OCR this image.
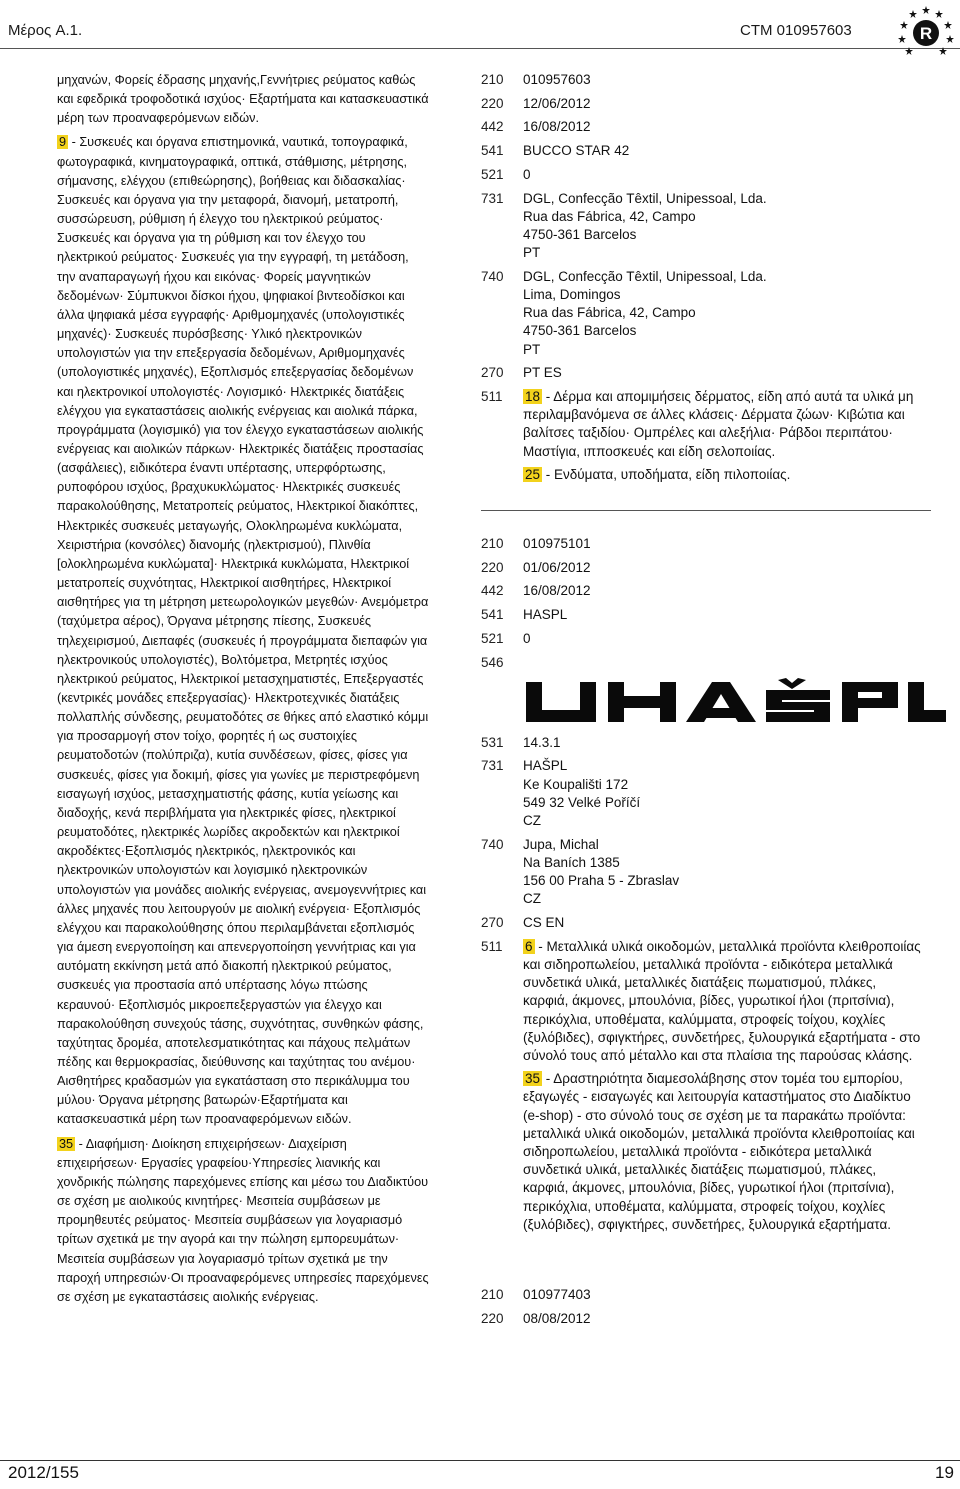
Μέρος A.1.	CTM 010957603	R

μηχανών, Φορείς έδρασης μηχανής,Γεννήτριες ρεύματος καθώς και εφεδρικά τροφοδοτικά ισχύος· Εξαρτήματα και κατασκευαστικά μέρη των προαναφερόμενων ειδών.

9 - Συσκευές και όργανα επιστημονικά, ναυτικά, τοπογραφικά, φωτογραφικά, κινηματογραφικά, οπτικά, στάθμισης, μέτρησης, σήμανσης, ελέγχου (επιθεώρησης), βοήθειας και διδασκαλίας· Συσκευές και όργανα για την μεταφορά, διανομή, μετατροπή, συσσώρευση, ρύθμιση ή έλεγχο του ηλεκτρικού ρεύματος· Συσκευές και όργανα για τη ρύθμιση και τον έλεγχο του ηλεκτρικού ρεύματος· Συσκευές για την εγγραφή, τη μετάδοση, την αναπαραγωγή ήχου και εικόνας· Φορείς μαγνητικών δεδομένων· Σύμπυκνοι δίσκοι ήχου, ψηφιακοί βιντεοδίσκοι και άλλα ψηφιακά μέσα εγγραφής· Αριθμομηχανές (υπολογιστικές μηχανές)· Συσκευές πυρόσβεσης· Υλικό ηλεκτρονικών υπολογιστών για την επεξεργασία δεδομένων, Αριθμομηχανές (υπολογιστικές μηχανές), Εξοπλισμός επεξεργασίας δεδομένων και ηλεκτρονικοί υπολογιστές· Λογισμικό· Ηλεκτρικές διατάξεις ελέγχου για εγκαταστάσεις αιολικής ενέργειας και αιολικά πάρκα, προγράμματα (λογισμικό) για τον έλεγχο εγκαταστάσεων αιολικής ενέργειας και αιολικών πάρκων· Ηλεκτρικές διατάξεις προστασίας (ασφάλειες), ειδικότερα έναντι υπέρτασης, υπερφόρτωσης, ρυποφόρου ισχύος, βραχυκυκλώματος· Ηλεκτρικές συσκευές παρακολούθησης, Μετατροπείς ρεύματος, Ηλεκτρικοί διακόπτες, Ηλεκτρικές συσκευές μεταγωγής, Ολοκληρωμένα κυκλώματα, Χειριστήρια (κονσόλες) διανομής (ηλεκτρισμού), Πλινθία [ολοκληρωμένα κυκλώματα]· Ηλεκτρικά κυκλώματα, Ηλεκτρικοί μετατροπείς συχνότητας, Ηλεκτρικοί αισθητήρες, Ηλεκτρικοί αισθητήρες για τη μέτρηση μετεωρολογικών μεγεθών· Ανεμόμετρα (ταχύμετρα αέρος), Όργανα μέτρησης πίεσης, Συσκευές τηλεχειρισμού, Διεπαφές (συσκευές ή προγράμματα διεπαφών για ηλεκτρονικούς υπολογιστές), Βολτόμετρα, Μετρητές ισχύος ηλεκτρικού ρεύματος, Ηλεκτρικοί μετασχηματιστές, Επεξεργαστές (κεντρικές μονάδες επεξεργασίας)· Ηλεκτροτεχνικές διατάξεις πολλαπλής σύνδεσης, ρευματοδότες σε θήκες από ελαστικό κόμμι για προσαρμογή στον τοίχο, φορητές ή ως συστοιχίες ρευματοδοτών (πολύπριζα), κυτία συνδέσεων, φίσες, φίσες για συσκευές, φίσες για δοκιμή, φίσες για γωνίες με περιστρεφόμενη εισαγωγή ισχύος, μετασχηματιστής φάσης, κυτία γείωσης και διαδοχής, κενά περιβλήματα για ηλεκτρικές φίσες, ηλεκτρικοί ρευματοδότες, ηλεκτρικές λωρίδες ακροδεκτών και ηλεκτρικοί ακροδέκτες·Εξοπλισμός ηλεκτρικός, ηλεκτρονικός και ηλεκτρονικών υπολογιστών και λογισμικό ηλεκτρονικών υπολογιστών για μονάδες αιολικής ενέργειας, ανεμογεννήτριες και άλλες μηχανές που λειτουργούν με αιολική ενέργεια· Εξοπλισμός ελέγχου και παρακολούθησης όπου περιλαμβάνεται εξοπλισμός για άμεση ενεργοποίηση και απενεργοποίηση γεννήτριας και για αυτόματη εκκίνηση μετά από διακοπή ηλεκτρικού ρεύματος, συσκευές για προστασία από υπέρτασης λόγω πτώσης κεραυνού· Εξοπλισμός μικροεπεξεργαστών για έλεγχο και παρακολούθηση συνεχούς τάσης, συχνότητας, συνθηκών φάσης, ταχύτητας δρομέα, αποτελεσματικότητας και πάχους πελμάτων πέδης και θερμοκρασίας, διεύθυνσης και ταχύτητας του ανέμου· Αισθητήρες κραδασμών για εγκατάσταση στο περικάλυμμα του μύλου· Όργανα μέτρησης βατωρών·Εξαρτήματα και κατασκευαστικά μέρη των προαναφερόμενων ειδών.

35 - Διαφήμιση· Διοίκηση επιχειρήσεων· Διαχείριση επιχειρήσεων· Εργασίες γραφείου·Υπηρεσίες λιανικής και χονδρικής πώλησης παρεχόμενες επίσης και μέσω του Διαδικτύου σε σχέση με αιολικούς κινητήρες· Μεσιτεία συμβάσεων με προμηθευτές ρεύματος· Μεσιτεία συμβάσεων για λογαριασμό τρίτων σχετικά με την αγορά και την πώληση εμπορευμάτων· Μεσιτεία συμβάσεων για λογαριασμό τρίτων σχετικά με την παροχή υπηρεσιών·Οι προαναφερόμενες υπηρεσίες παρεχόμενες σε σχέση με εγκαταστάσεις αιολικής ενέργειας.

210	010957603
220	12/06/2012
442	16/08/2012
541	BUCCO STAR 42
521	0
731	DGL, Confecção Têxtil, Unipessoal, Lda.
Rua das Fábrica, 42, Campo
4750-361 Barcelos
PT
740	DGL, Confecção Têxtil, Unipessoal, Lda.
Lima, Domingos
Rua das Fábrica, 42, Campo
4750-361 Barcelos
PT
270	PT ES
511	18 - Δέρμα και απομιμήσεις δέρματος, είδη από αυτά τα υλικά μη περιλαμβανόμενα σε άλλες κλάσεις· Δέρματα ζώων· Κιβώτια και βαλίτσες ταξιδίου· Ομπρέλες και αλεξήλια· Ράβδοι περιπάτου· Μαστίγια, ιπποσκευές και είδη σελοποιίας.

25 - Ενδύματα, υποδήματα, είδη πιλοποιίας.

210	010975101
220	01/06/2012
442	16/08/2012
541	HASPL
521	0
546
531	14.3.1
731	HAŠPL
Ke Koupališti 172
549 32 Velké Poříčí
CZ
740	Jupa, Michal
Na Baních 1385
156 00 Praha 5 - Zbraslav
CZ
270	CS EN
511	6 - Μεταλλικά υλικά οικοδομών, μεταλλικά προϊόντα κλειθροποιίας και σιδηροπωλείου, μεταλλικά προϊόντα - ειδικότερα μεταλλικά συνδετικά υλικά, μεταλλικές διατάξεις πωματισμού, πλάκες, καρφιά, άκμονες, μπουλόνια, βίδες, γυρωτικοί ήλοι (πριτσίνια), περικόχλια, υποθέματα, καλύμματα, στροφείς τοίχου, κοχλίες (ξυλόβιδες), σφιγκτήρες, συνδετήρες, ξυλουργικά εξαρτήματα - στο σύνολό τους από μέταλλο και στα πλαίσια της παρούσας κλάσης.

35 - Δραστηριότητα διαμεσολάβησης στον τομέα του εμπορίου, εξαγωγές - εισαγωγές και λειτουργία καταστήματος στο Διαδίκτυο (e-shop) - στο σύνολό τους σε σχέση με τα παρακάτω προϊόντα: μεταλλικά υλικά οικοδομών, μεταλλικά προϊόντα κλειθροποιίας και σιδηροπωλείου, μεταλλικά προϊόντα - ειδικότερα μεταλλικά συνδετικά υλικά, μεταλλικές διατάξεις πωματισμού, πλάκες, καρφιά, άκμονες, μπουλόνια, βίδες, γυρωτικοί ήλοι (πριτσίνια), περικόχλια, υποθέματα, καλύμματα, στροφείς τοίχου, κοχλίες (ξυλόβιδες), σφιγκτήρες, συνδετήρες, ξυλουργικά εξαρτήματα.

210	010977403
220	08/08/2012
2012/155	19
